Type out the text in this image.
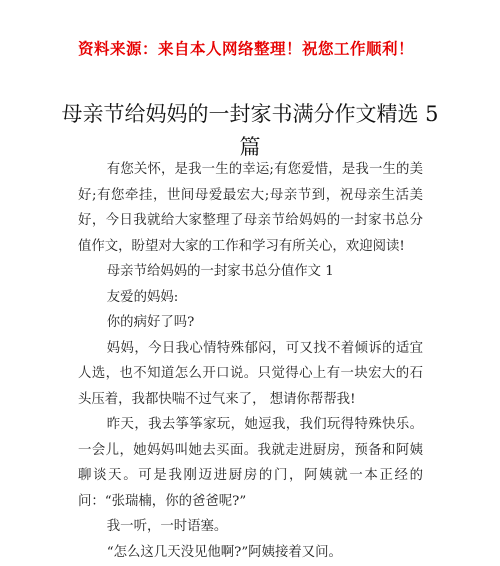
资料来源：来自本人网络整理！祝您工作顺利！
母亲节给妈妈的一封家书满分作文精选 5 篇

有您关怀，是我一生的幸运;有您爱惜，是我一生的美好;有您牵挂，世间母爱最宏大;母亲节到，祝母亲生活美好，今日我就给大家整理了母亲节给妈妈的一封家书总分值作文，盼望对大家的工作和学习有所关心，欢迎阅读!

母亲节给妈妈的一封家书总分值作文 1

友爱的妈妈:

你的病好了吗?

妈妈，今日我心情特殊郁闷，可又找不着倾诉的适宜人选，也不知道怎么开口说。只觉得心上有一块宏大的石头压着，我都快喘不过气来了， 想请你帮帮我!

昨天，我去筝筝家玩，她逗我，我们玩得特殊快乐。一会儿，她妈妈叫她去买面。我就走进厨房，预备和阿姨聊谈天。可是我刚迈进厨房的门，阿姨就一本正经的问：“张瑞楠，你的爸爸呢?”

我一听，一时语塞。

“怎么这几天没见他啊?”阿姨接着又问。
